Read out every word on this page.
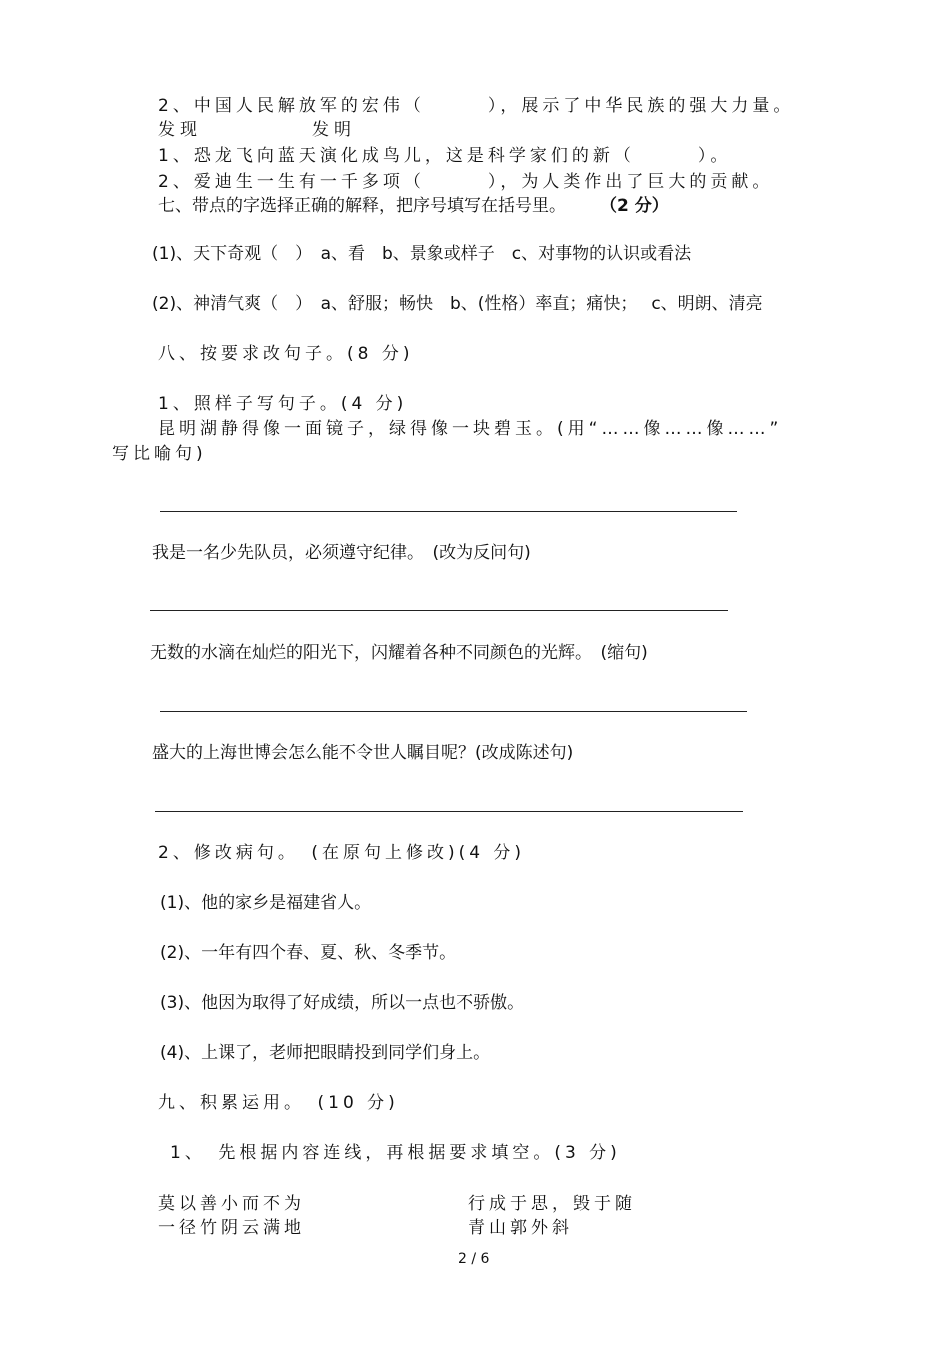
2、中国人民解放军的宏伟（　　　），展示了中华民族的强大力量。
发现　　　　　发明
1、恐龙飞向蓝天演化成鸟儿，这是科学家们的新（　　　）。
2、爱迪生一生有一千多项（　　　），为人类作出了巨大的贡献。
七、带点的字选择正确的解释，把序号填写在括号里。 （2 分）
(1)、天下奇观（　）　a、看　b、景象或样子　c、对事物的认识或看法
(2)、神清气爽（　）　a、舒服；畅快　b、(性格）率直；痛快；　 c、明朗、清亮
八、按要求改句子。(8 分)
1、照样子写句子。(4 分)
昆明湖静得像一面镜子，绿得像一块碧玉。(用“……像……像……”
写比喻句)
我是一名少先队员，必须遵守纪律。　(改为反问句)
无数的水滴在灿烂的阳光下，闪耀着各种不同颜色的光辉。　(缩句)
盛大的上海世博会怎么能不令世人瞩目呢？(改成陈述句)
2、修改病句。　(在原句上修改)(4 分)
(1)、他的家乡是福建省人。
(2)、一年有四个春、夏、秋、冬季节。
(3)、他因为取得了好成绩，所以一点也不骄傲。
(4)、上课了，老师把眼睛投到同学们身上。
九、积累运用。　(10 分)
1、　先根据内容连线，再根据要求填空。(3 分)
莫以善小而不为	行成于思，毁于随
一径竹阴云满地	青山郭外斜
2 / 6
